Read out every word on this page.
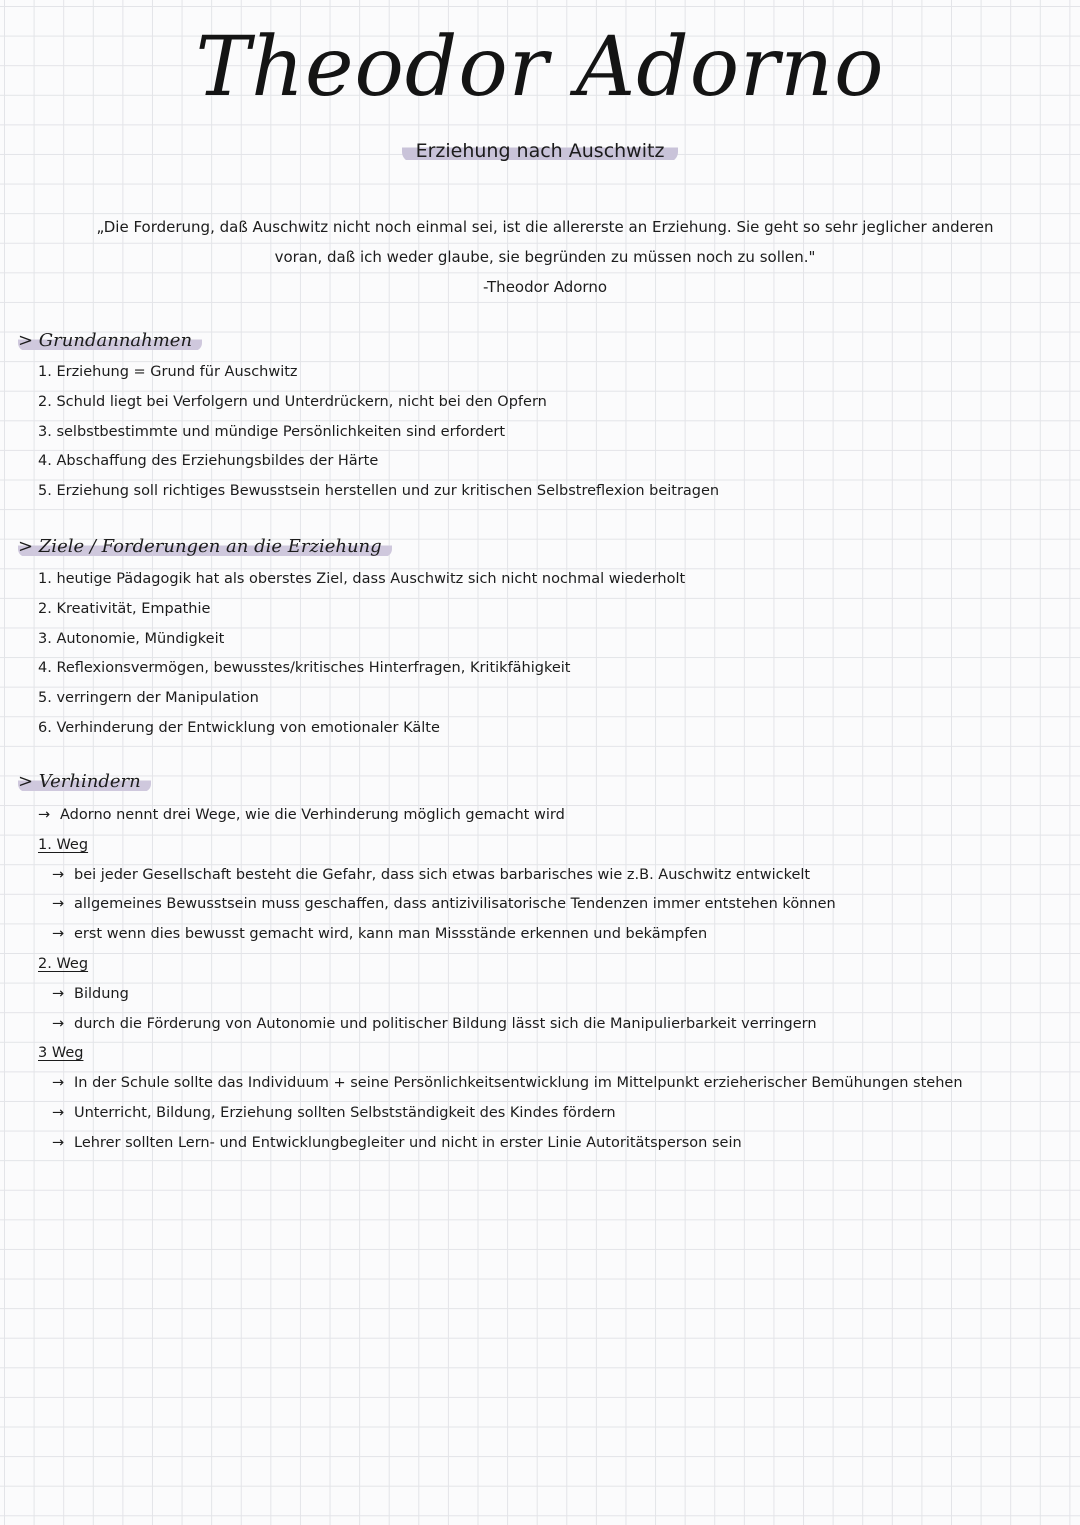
Theodor Adorno
Erziehung nach Auschwitz

„Die Forderung, daß Auschwitz nicht noch einmal sei, ist die allererste an Erziehung. Sie geht so sehr jeglicher anderen

voran, daß ich weder glaube, sie begründen zu müssen noch zu sollen."

-Theodor Adorno

> Grundannahmen
1. Erziehung = Grund für Auschwitz
2. Schuld liegt bei Verfolgern und Unterdrückern, nicht bei den Opfern
3. selbstbestimmte und mündige Persönlichkeiten sind erfordert
4. Abschaffung des Erziehungsbildes der Härte
5. Erziehung soll richtiges Bewusstsein herstellen und zur kritischen Selbstreflexion beitragen
> Ziele / Forderungen an die Erziehung
1. heutige Pädagogik hat als oberstes Ziel, dass Auschwitz sich nicht nochmal wiederholt
2. Kreativität, Empathie
3. Autonomie, Mündigkeit
4. Reflexionsvermögen, bewusstes/kritisches Hinterfragen, Kritikfähigkeit
5. verringern der Manipulation
6. Verhinderung der Entwicklung von emotionaler Kälte
> Verhindern
→ Adorno nennt drei Wege, wie die Verhinderung möglich gemacht wird
1. Weg
→ bei jeder Gesellschaft besteht die Gefahr, dass sich etwas barbarisches wie z.B. Auschwitz entwickelt
→ allgemeines Bewusstsein muss geschaffen, dass antizivilisatorische Tendenzen immer entstehen können
→ erst wenn dies bewusst gemacht wird, kann man Missstände erkennen und bekämpfen
2. Weg
→ Bildung
→ durch die Förderung von Autonomie und politischer Bildung lässt sich die Manipulierbarkeit verringern
3 Weg
→ In der Schule sollte das Individuum + seine Persönlichkeitsentwicklung im Mittelpunkt erzieherischer Bemühungen stehen
→ Unterricht, Bildung, Erziehung sollten Selbstständigkeit des Kindes fördern
→ Lehrer sollten Lern- und Entwicklungbegleiter und nicht in erster Linie Autoritätsperson sein
